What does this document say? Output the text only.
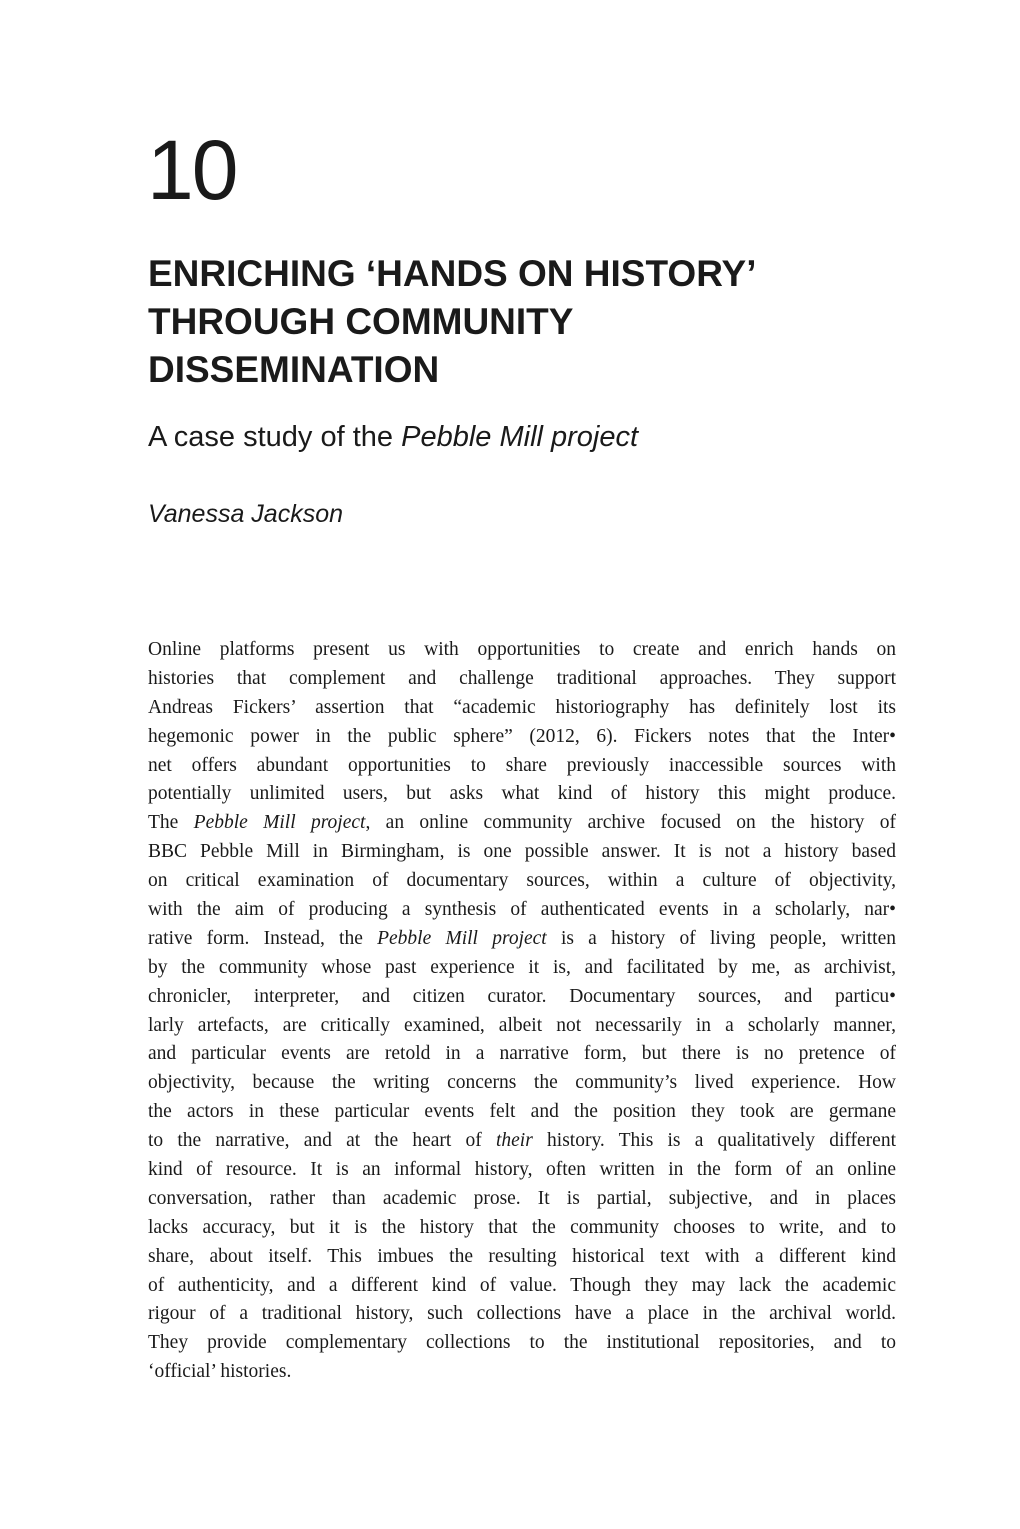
10
ENRICHING ‘HANDS ON HISTORY’
THROUGH COMMUNITY
DISSEMINATION
A case study of the Pebble Mill project
Vanessa Jackson
Online platforms present us with opportunities to create and enrich hands on
histories that complement and challenge traditional approaches. They support
Andreas Fickers’ assertion that “academic historiography has definitely lost its
hegemonic power in the public sphere” (2012, 6). Fickers notes that the Inter•
net offers abundant opportunities to share previously inaccessible sources with
potentially unlimited users, but asks what kind of history this might produce.
The Pebble Mill project, an online community archive focused on the history of
BBC Pebble Mill in Birmingham, is one possible answer. It is not a history based
on critical examination of documentary sources, within a culture of objectivity,
with the aim of producing a synthesis of authenticated events in a scholarly, nar•
rative form. Instead, the Pebble Mill project is a history of living people, written
by the community whose past experience it is, and facilitated by me, as archivist,
chronicler, interpreter, and citizen curator. Documentary sources, and particu•
larly artefacts, are critically examined, albeit not necessarily in a scholarly manner,
and particular events are retold in a narrative form, but there is no pretence of
objectivity, because the writing concerns the community’s lived experience. How
the actors in these particular events felt and the position they took are germane
to the narrative, and at the heart of their history. This is a qualitatively different
kind of resource. It is an informal history, often written in the form of an online
conversation, rather than academic prose. It is partial, subjective, and in places
lacks accuracy, but it is the history that the community chooses to write, and to
share, about itself. This imbues the resulting historical text with a different kind
of authenticity, and a different kind of value. Though they may lack the academic
rigour of a traditional history, such collections have a place in the archival world.
They provide complementary collections to the institutional repositories, and to
‘official’ histories.
